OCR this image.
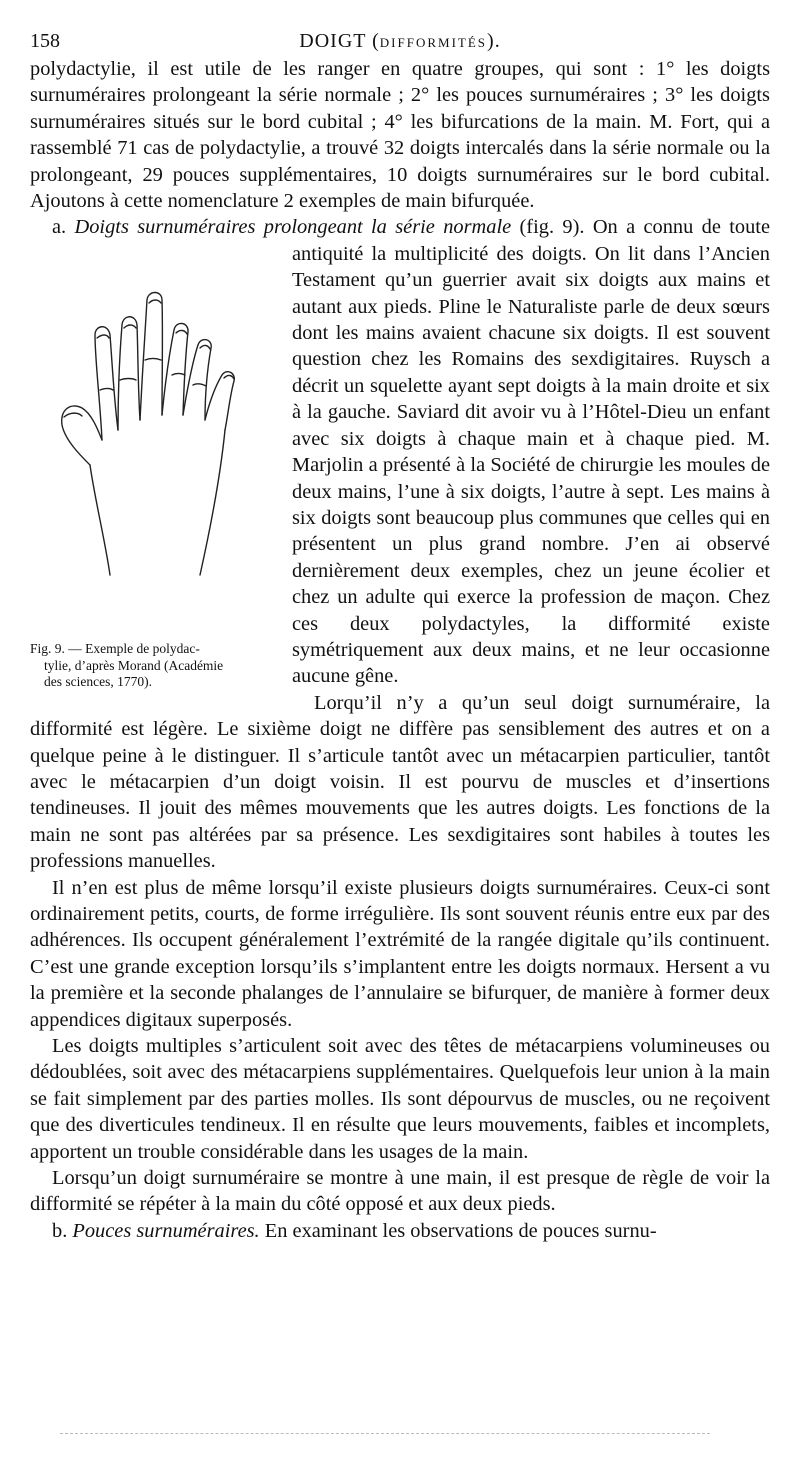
158	DOIGT (DIFFORMITÉS).

polydactylie, il est utile de les ranger en quatre groupes, qui sont : 1° les doigts surnuméraires prolongeant la série normale ; 2° les pouces surnuméraires ; 3° les doigts surnuméraires situés sur le bord cubital ; 4° les bifurcations de la main. M. Fort, qui a rassemblé 71 cas de polydactylie, a trouvé 32 doigts intercalés dans la série normale ou la prolongeant, 29 pouces supplémentaires, 10 doigts surnuméraires sur le bord cubital. Ajoutons à cette nomenclature 2 exemples de main bifurquée.

a. Doigts surnuméraires prolongeant la série normale (fig. 9). On a
Fig. 9. — Exemple de polydac-
tylie, d’après Morand (Académie
des sciences, 1770).
connu de toute antiquité la multiplicité des doigts. On lit dans l’Ancien Testament qu’un guerrier avait six doigts aux mains et autant aux pieds. Pline le Naturaliste parle de deux sœurs dont les mains avaient chacune six doigts. Il est souvent question chez les Romains des sexdigitaires. Ruysch a décrit un squelette ayant sept doigts à la main droite et six à la gauche. Saviard dit avoir vu à l’Hôtel-Dieu un enfant avec six doigts à chaque main et à chaque pied. M. Marjolin a présenté à la Société de chirurgie les moules de deux mains, l’une à six doigts, l’autre à sept. Les mains à six doigts sont beaucoup plus communes que celles qui en présentent un plus grand nombre. J’en ai observé dernièrement deux exemples, chez un jeune écolier et chez un adulte qui exerce la profession de maçon. Chez ces deux polydactyles, la difformité existe symétriquement aux deux mains, et ne leur occasionne aucune gêne.

Lorqu’il n’y a qu’un seul doigt surnuméraire, la difformité est légère. Le sixième doigt ne diffère pas sensiblement des autres et on a quelque peine à le distinguer. Il s’articule tantôt avec un métacarpien particulier, tantôt avec le métacarpien d’un doigt voisin. Il est pourvu de muscles et d’insertions tendineuses. Il jouit des mêmes mouvements que les autres doigts. Les fonctions de la main ne sont pas altérées par sa présence. Les sexdigitaires sont habiles à toutes les professions manuelles.

Il n’en est plus de même lorsqu’il existe plusieurs doigts surnuméraires. Ceux-ci sont ordinairement petits, courts, de forme irrégulière. Ils sont souvent réunis entre eux par des adhérences. Ils occupent généralement l’extrémité de la rangée digitale qu’ils continuent. C’est une grande exception lorsqu’ils s’implantent entre les doigts normaux. Hersent a vu la première et la seconde phalanges de l’annulaire se bifurquer, de manière à former deux appendices digitaux superposés.

Les doigts multiples s’articulent soit avec des têtes de métacarpiens volumineuses ou dédoublées, soit avec des métacarpiens supplémentaires. Quelquefois leur union à la main se fait simplement par des parties molles. Ils sont dépourvus de muscles, ou ne reçoivent que des diverticules tendineux. Il en résulte que leurs mouvements, faibles et incomplets, apportent un trouble considérable dans les usages de la main.

Lorsqu’un doigt surnuméraire se montre à une main, il est presque de règle de voir la difformité se répéter à la main du côté opposé et aux deux pieds.

b. Pouces surnuméraires. En examinant les observations de pouces surnu-
